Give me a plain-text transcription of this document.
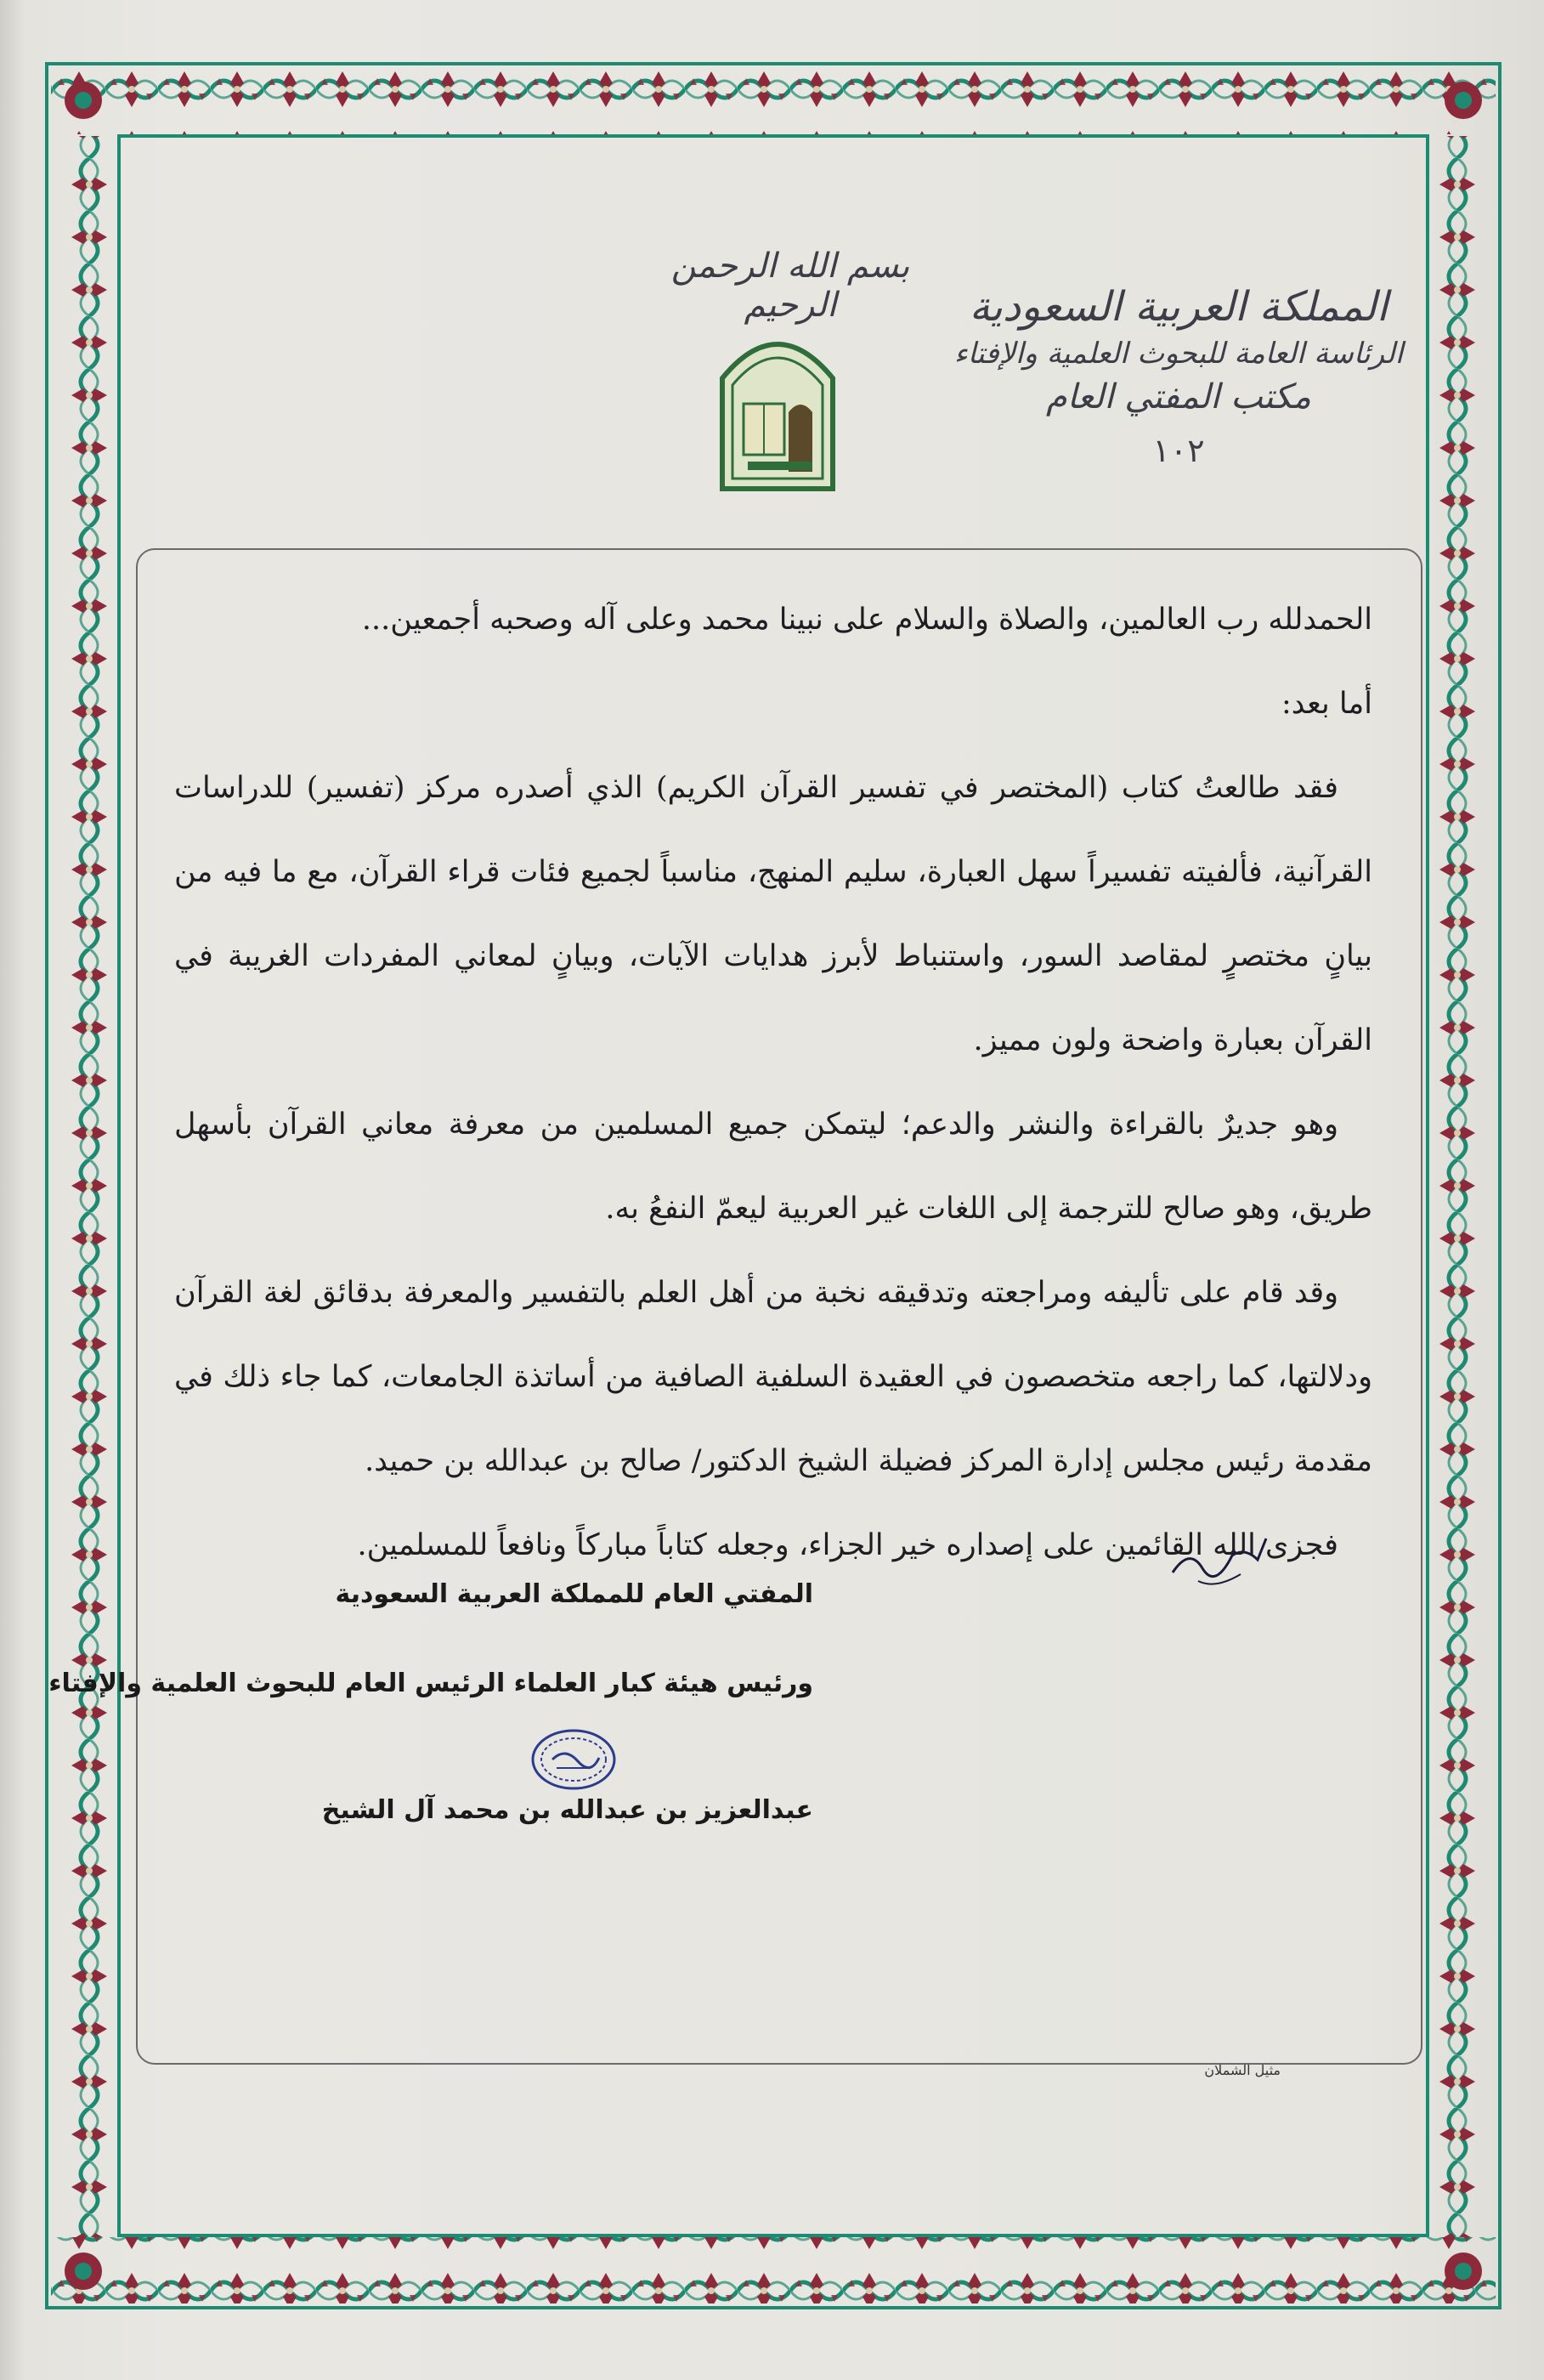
بسم الله الرحمن الرحيم	المملكة العربية السعودية
الرئاسة العامة للبحوث العلمية والإفتاء
مكتب المفتي العام
١٠٢

الحمدلله رب العالمين، والصلاة والسلام على نبينا محمد وعلى آله وصحبه أجمعين...

أما بعد:

فقد طالعتُ كتاب (المختصر في تفسير القرآن الكريم) الذي أصدره مركز (تفسير) للدراسات القرآنية، فألفيته تفسيراً سهل العبارة، سليم المنهج، مناسباً لجميع فئات قراء القرآن، مع ما فيه من بيانٍ مختصرٍ لمقاصد السور، واستنباط لأبرز هدايات الآيات، وبيانٍ لمعاني المفردات الغريبة في القرآن بعبارة واضحة ولون مميز.

وهو جديرٌ بالقراءة والنشر والدعم؛ ليتمكن جميع المسلمين من معرفة معاني القرآن بأسهل طريق، وهو صالح للترجمة إلى اللغات غير العربية ليعمّ النفعُ به.

وقد قام على تأليفه ومراجعته وتدقيقه نخبة من أهل العلم بالتفسير والمعرفة بدقائق لغة القرآن ودلالتها، كما راجعه متخصصون في العقيدة السلفية الصافية من أساتذة الجامعات، كما جاء ذلك في مقدمة رئيس مجلس إدارة المركز فضيلة الشيخ الدكتور/ صالح بن عبدالله بن حميد.

فجزى الله القائمين على إصداره خير الجزاء، وجعله كتاباً مباركاً ونافعاً للمسلمين.

المفتي العام للمملكة العربية السعودية
ورئيس هيئة كبار العلماء الرئيس العام للبحوث العلمية والإفتاء
عبدالعزيز بن عبدالله بن محمد آل الشيخ
مثيل الشملان
